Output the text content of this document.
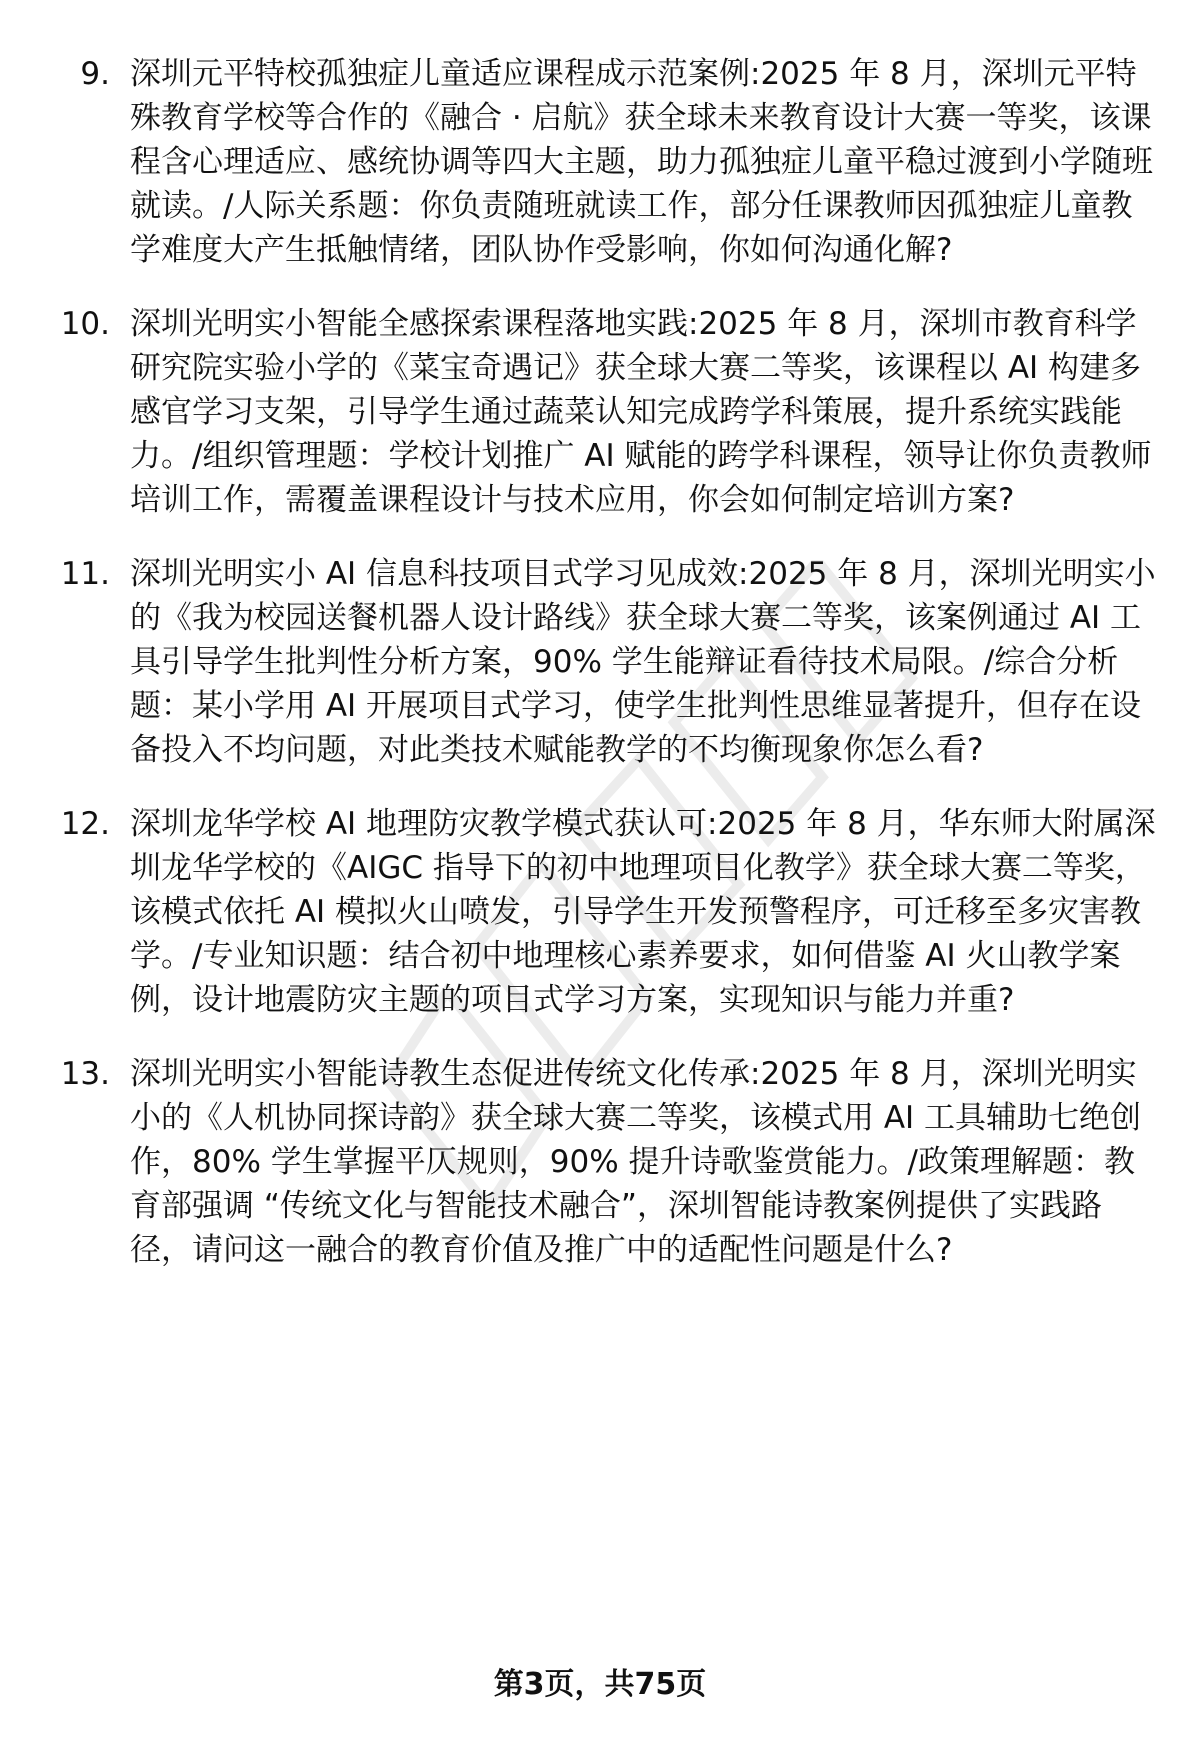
9. 深圳元平特校孤独症儿童适应课程成示范案例:2025 年 8 月，深圳元平特殊教育学校等合作的《融合 · 启航》获全球未来教育设计大赛一等奖，该课程含心理适应、感统协调等四大主题，助力孤独症儿童平稳过渡到小学随班就读。/人际关系题：你负责随班就读工作，部分任课教师因孤独症儿童教学难度大产生抵触情绪，团队协作受影响，你如何沟通化解?
10. 深圳光明实小智能全感探索课程落地实践:2025 年 8 月，深圳市教育科学研究院实验小学的《菜宝奇遇记》获全球大赛二等奖，该课程以 AI 构建多感官学习支架，引导学生通过蔬菜认知完成跨学科策展，提升系统实践能力。/组织管理题：学校计划推广 AI 赋能的跨学科课程，领导让你负责教师培训工作，需覆盖课程设计与技术应用，你会如何制定培训方案?
11. 深圳光明实小 AI 信息科技项目式学习见成效:2025 年 8 月，深圳光明实小的《我为校园送餐机器人设计路线》获全球大赛二等奖，该案例通过 AI 工具引导学生批判性分析方案，90% 学生能辩证看待技术局限。/综合分析题：某小学用 AI 开展项目式学习，使学生批判性思维显著提升，但存在设备投入不均问题，对此类技术赋能教学的不均衡现象你怎么看?
12. 深圳龙华学校 AI 地理防灾教学模式获认可:2025 年 8 月，华东师大附属深圳龙华学校的《AIGC 指导下的初中地理项目化教学》获全球大赛二等奖，该模式依托 AI 模拟火山喷发，引导学生开发预警程序，可迁移至多灾害教学。/专业知识题：结合初中地理核心素养要求，如何借鉴 AI 火山教学案例，设计地震防灾主题的项目式学习方案，实现知识与能力并重?
13. 深圳光明实小智能诗教生态促进传统文化传承:2025 年 8 月，深圳光明实小的《人机协同探诗韵》获全球大赛二等奖，该模式用 AI 工具辅助七绝创作，80% 学生掌握平仄规则，90% 提升诗歌鉴赏能力。/政策理解题：教育部强调 “传统文化与智能技术融合”，深圳智能诗教案例提供了实践路径，请问这一融合的教育价值及推广中的适配性问题是什么?
第3页，共75页
